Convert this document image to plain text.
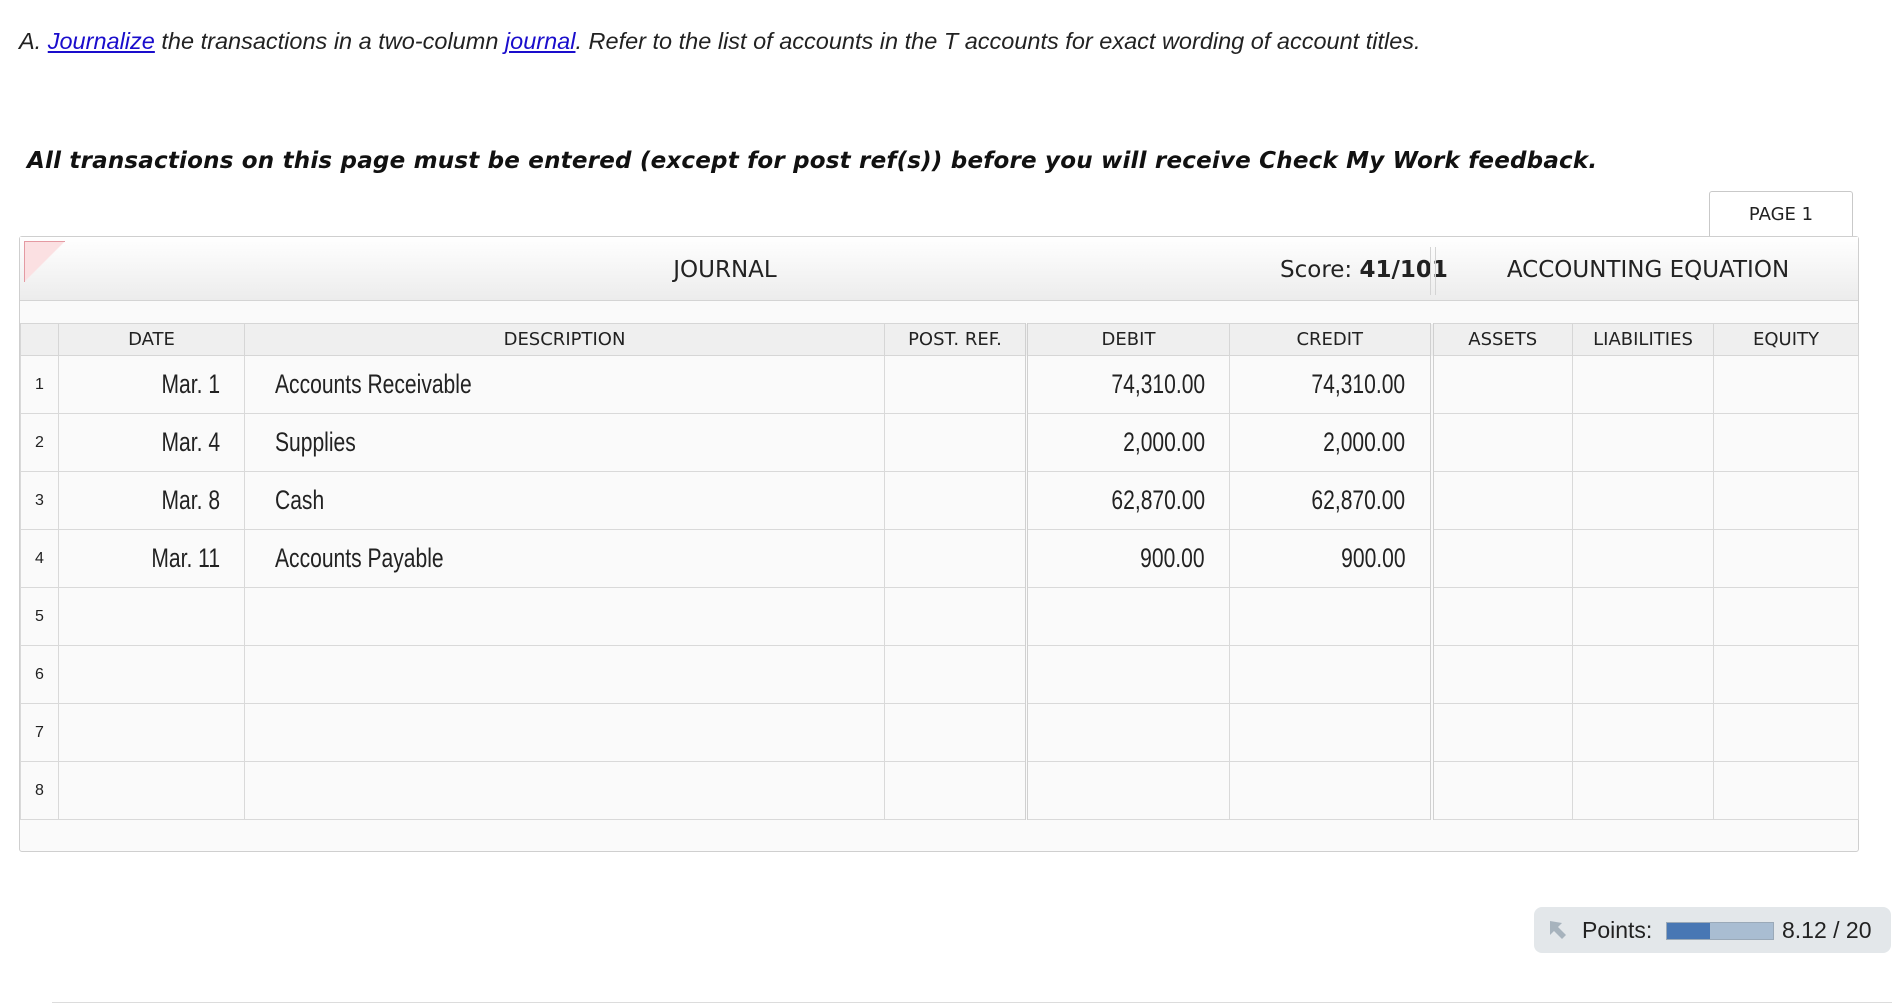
A. Journalize the transactions in a two-column journal. Refer to the list of accounts in the T accounts for exact wording of account titles.
All transactions on this page must be entered (except for post ref(s)) before you will receive Check My Work feedback.
PAGE 1
JOURNAL	Score: 41/101	ACCOUNTING EQUATION
	DATE	DESCRIPTION	POST. REF.	DEBIT	CREDIT	ASSETS	LIABILITIES	EQUITY
1	Mar. 1	Accounts Receivable		74,310.00	74,310.00			
2	Mar. 4	Supplies		2,000.00	2,000.00			
3	Mar. 8	Cash		62,870.00	62,870.00			
4	Mar. 11	Accounts Payable		900.00	900.00			
5								
6								
7								
8								
Points:	8.12 / 20
